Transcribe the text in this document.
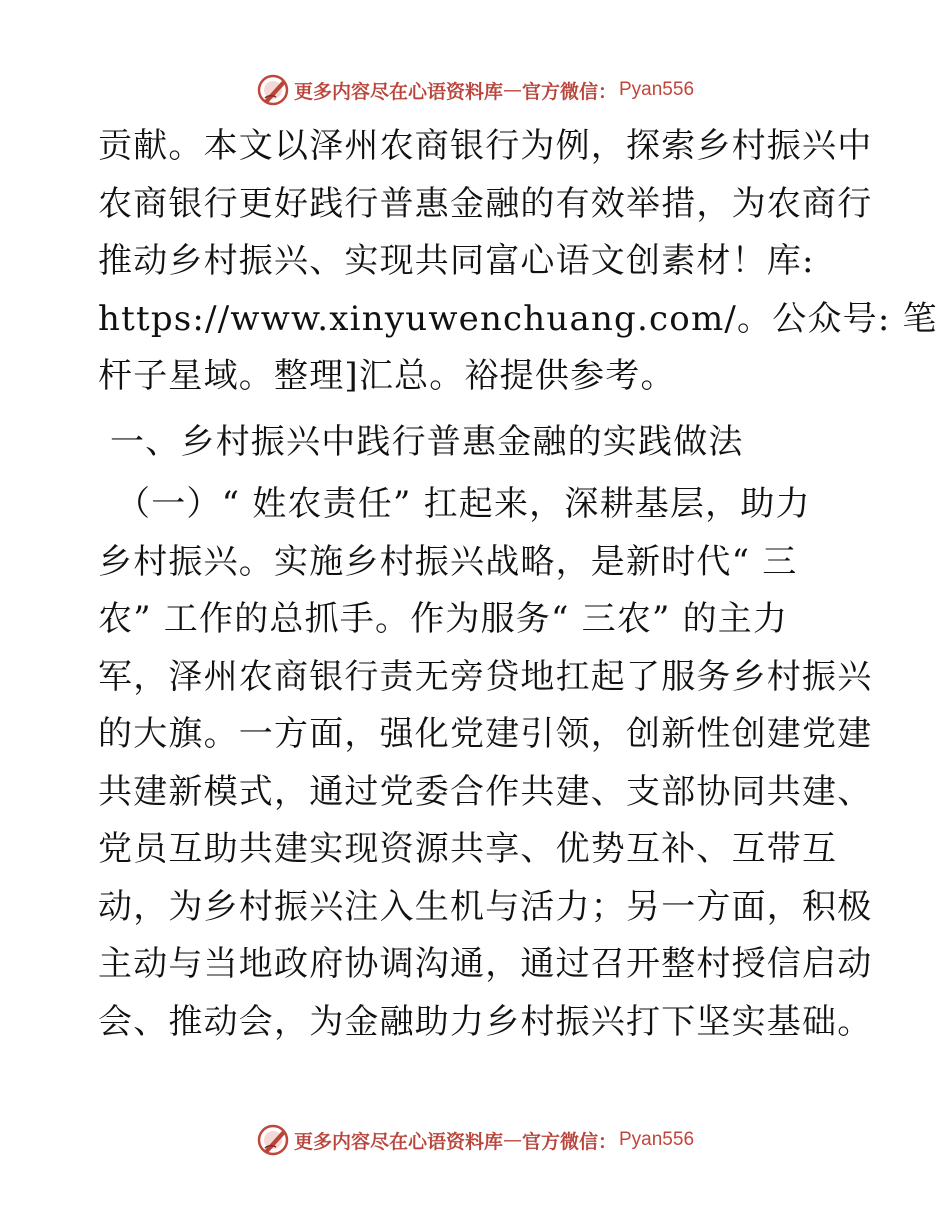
更多内容尽在心语资料库 — 官方微信： Pyan556
贡献。本文以泽州农商银行为例，探索乡村振兴中
农商银行更好践行普惠金融的有效举措，为农商行
推动乡村振兴、实现共同富心语文创素材！库:
https://www.xinyuwenchuang.com/。公众号: 笔
杆子星域。整理]汇总。裕提供参考。
一、乡村振兴中践行普惠金融的实践做法
（一）“ 姓农责任” 扛起来，深耕基层，助力
乡村振兴。实施乡村振兴战略，是新时代“ 三
农” 工作的总抓手。作为服务“ 三农” 的主力
军，泽州农商银行责无旁贷地扛起了服务乡村振兴
的大旗。一方面，强化党建引领，创新性创建党建
共建新模式，通过党委合作共建、支部协同共建、
党员互助共建实现资源共享、优势互补、互带互
动，为乡村振兴注入生机与活力；另一方面，积极
主动与当地政府协调沟通，通过召开整村授信启动
会、推动会，为金融助力乡村振兴打下坚实基础。
更多内容尽在心语资料库 — 官方微信： Pyan556
